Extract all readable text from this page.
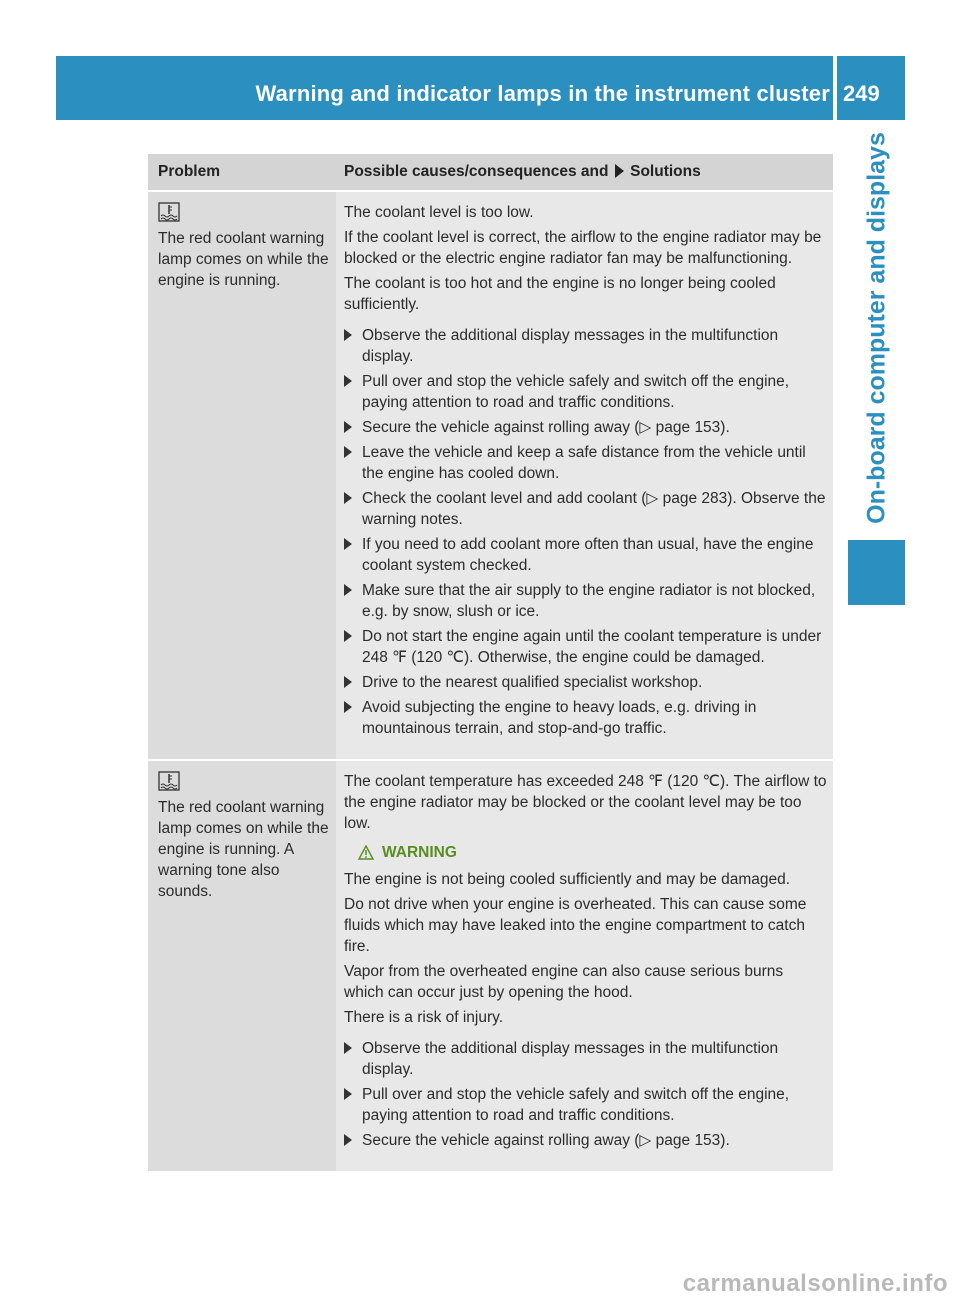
Warning and indicator lamps in the instrument cluster 249
On-board computer and displays
Problem	Possible causes/consequences and Solutions
The red coolant warning lamp comes on while the engine is running.

The coolant level is too low.

If the coolant level is correct, the airflow to the engine radiator may be blocked or the electric engine radiator fan may be malfunctioning.

The coolant is too hot and the engine is no longer being cooled sufficiently.

Observe the additional display messages in the multifunction display.
Pull over and stop the vehicle safely and switch off the engine, paying attention to road and traffic conditions.
Secure the vehicle against rolling away (▷ page 153).
Leave the vehicle and keep a safe distance from the vehicle until the engine has cooled down.
Check the coolant level and add coolant (▷ page 283). Observe the warning notes.
If you need to add coolant more often than usual, have the engine coolant system checked.
Make sure that the air supply to the engine radiator is not blocked, e.g. by snow, slush or ice.
Do not start the engine again until the coolant temperature is under 248 ℉ (120 ℃). Otherwise, the engine could be damaged.
Drive to the nearest qualified specialist workshop.
Avoid subjecting the engine to heavy loads, e.g. driving in mountainous terrain, and stop-and-go traffic.
The red coolant warning lamp comes on while the engine is running. A warning tone also sounds.

The coolant temperature has exceeded 248 ℉ (120 ℃). The airflow to the engine radiator may be blocked or the coolant level may be too low.

WARNING

The engine is not being cooled sufficiently and may be damaged.

Do not drive when your engine is overheated. This can cause some fluids which may have leaked into the engine compartment to catch fire.

Vapor from the overheated engine can also cause serious burns which can occur just by opening the hood.

There is a risk of injury.

Observe the additional display messages in the multifunction display.
Pull over and stop the vehicle safely and switch off the engine, paying attention to road and traffic conditions.
Secure the vehicle against rolling away (▷ page 153).
carmanualsonline.info
